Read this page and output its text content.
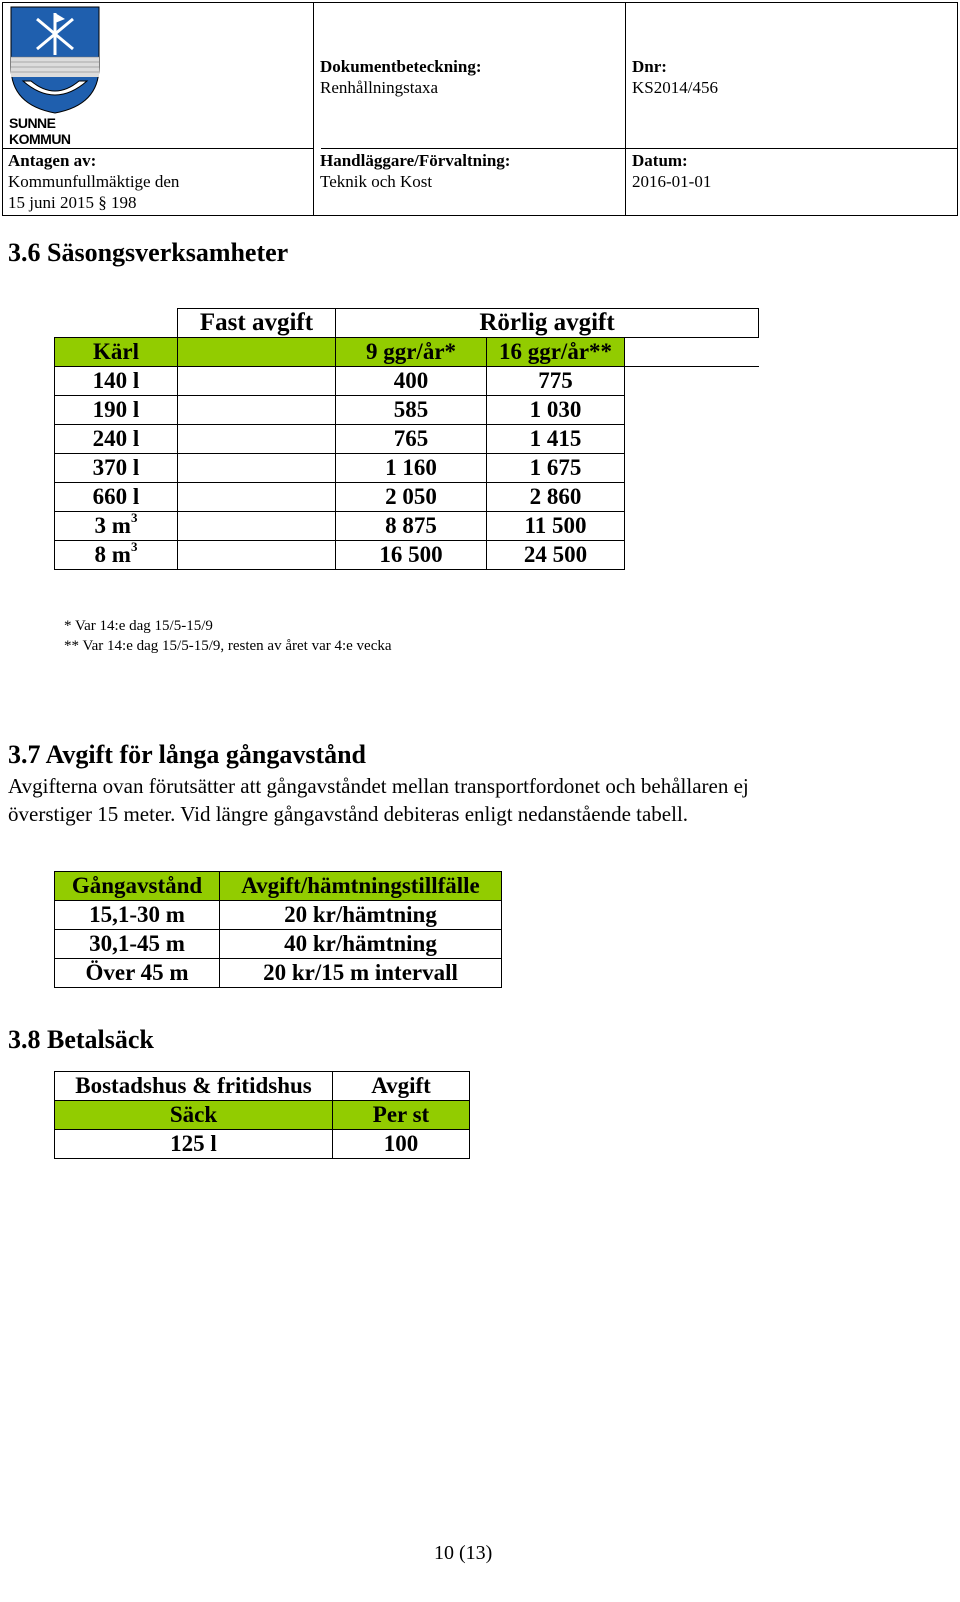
SUNNE KOMMUN
Dokumentbeteckning:
Renhållningstaxa
Dnr:
KS2014/456
Antagen av:
Kommunfullmäktige den
15 juni 2015 § 198
Handläggare/Förvaltning:
Teknik och Kost
Datum:
2016-01-01
3.6 Säsongsverksamheter
	Fast avgift	Rörlig avgift		
Kärl		9 ggr/år*	16 ggr/år**	
140 l		400	775	
190 l		585	1 030	
240 l		765	1 415	
370 l		1 160	1 675	
660 l		2 050	2 860	
3 $m^3$		8 875	11 500	
8 $m^3$		16 500	24 500	
* Var 14:e dag 15/5-15/9
** Var 14:e dag 15/5-15/9, resten av året var 4:e vecka
3.7 Avgift för långa gångavstånd
Avgifterna ovan förutsätter att gångavståndet mellan transportfordonet och behållaren ej
överstiger 15 meter. Vid längre gångavstånd debiteras enligt nedanstående tabell.
Gångavstånd	Avgift/hämtningstillfälle
15,1-30 m	20 kr/hämtning
30,1-45 m	40 kr/hämtning
Över 45 m	20 kr/15 m intervall
3.8 Betalsäck
Bostadshus & fritidshus	Avgift
Säck	Per st
125 l	100
10 (13)
